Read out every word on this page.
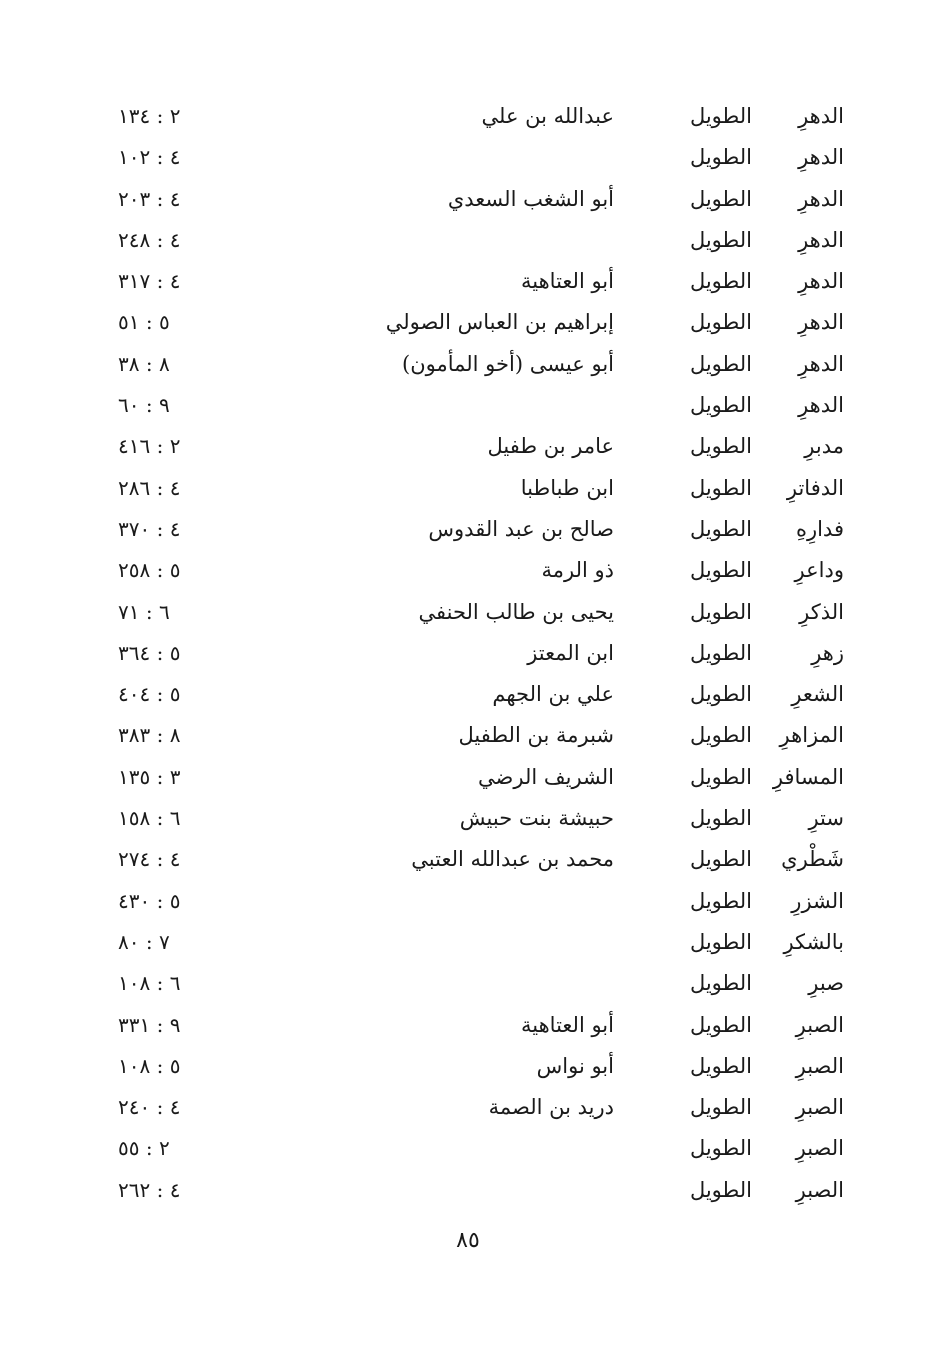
الدهرِ
الطويل
عبدالله بن علي
٢ : ١٣٤
الدهرِ
الطويل
٤ : ١٠٢
الدهرِ
الطويل
أبو الشغب السعدي
٤ : ٢٠٣
الدهرِ
الطويل
٤ : ٢٤٨
الدهرِ
الطويل
أبو العتاهية
٤ : ٣١٧
الدهرِ
الطويل
إبراهيم بن العباس الصولي
٥ : ٥١
الدهرِ
الطويل
أبو عيسى (أخو المأمون)
٨ : ٣٨
الدهرِ
الطويل
٩ : ٦٠
مدبرِ
الطويل
عامر بن طفيل
٢ : ٤١٦
الدفاترِ
الطويل
ابن طباطبا
٤ : ٢٨٦
فدارِهِ
الطويل
صالح بن عبد القدوس
٤ : ٣٧٠
وداعرِ
الطويل
ذو الرمة
٥ : ٢٥٨
الذكرِ
الطويل
يحيى بن طالب الحنفي
٦ : ٧١
زهرِ
الطويل
ابن المعتز
٥ : ٣٦٤
الشعرِ
الطويل
علي بن الجهم
٥ : ٤٠٤
المزاهرِ
الطويل
شبرمة بن الطفيل
٨ : ٣٨٣
المسافرِ
الطويل
الشريف الرضي
٣ : ١٣٥
سترِ
الطويل
حبيشة بنت حبيش
٦ : ١٥٨
شَطْري
الطويل
محمد بن عبدالله العتبي
٤ : ٢٧٤
الشزرِ
الطويل
٥ : ٤٣٠
بالشكرِ
الطويل
٧ : ٨٠
صبرِ
الطويل
٦ : ١٠٨
الصبرِ
الطويل
أبو العتاهية
٩ : ٣٣١
الصبرِ
الطويل
أبو نواس
٥ : ١٠٨
الصبرِ
الطويل
دريد بن الصمة
٤ : ٢٤٠
الصبرِ
الطويل
٢ : ٥٥
الصبرِ
الطويل
٤ : ٢٦٢
٨٥
